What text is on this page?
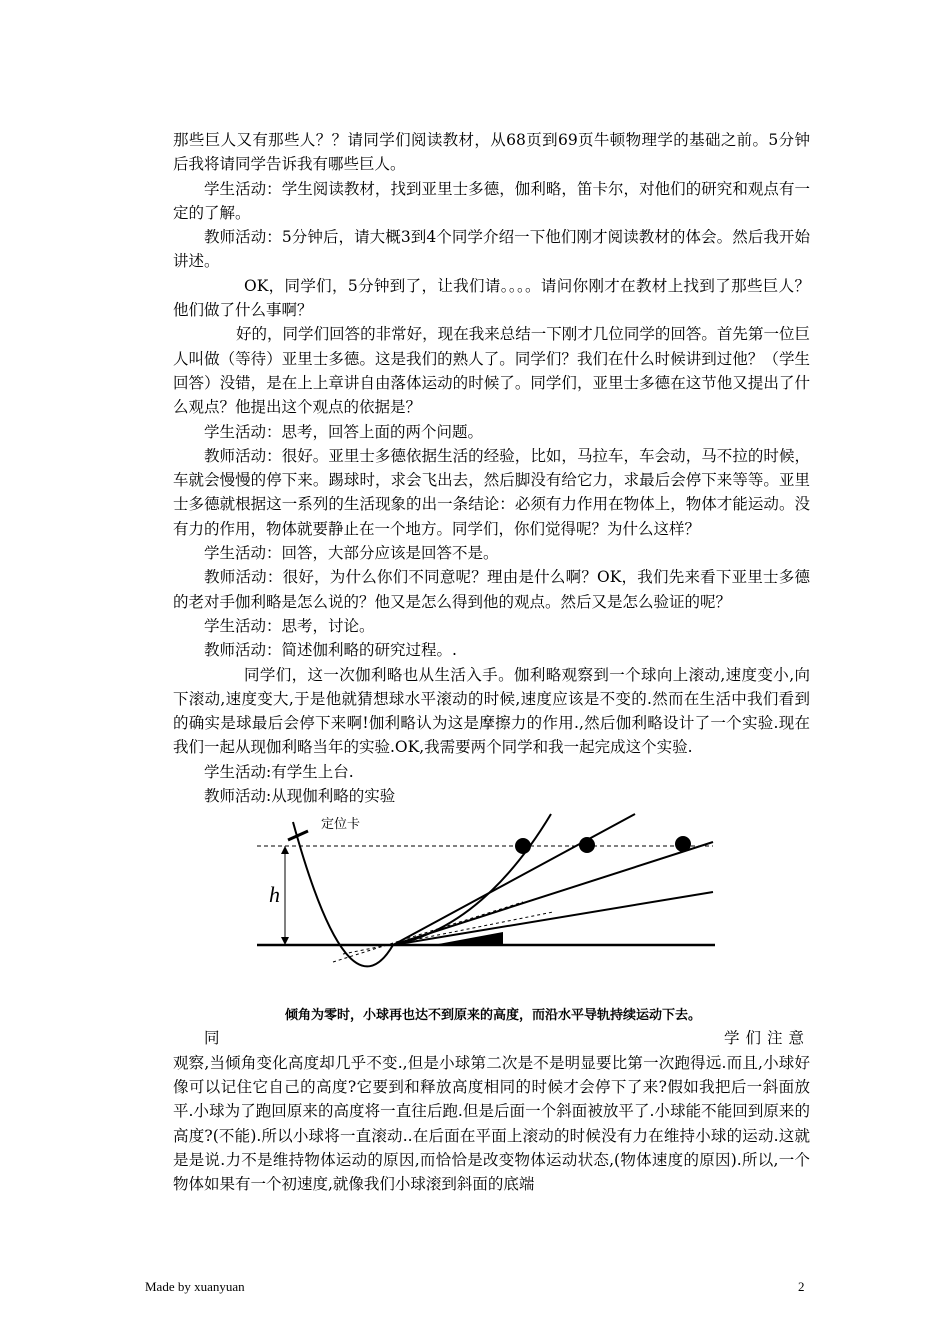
那些巨人又有那些人？？请同学们阅读教材，从68页到69页牛顿物理学的基础之前。5分钟后我将请同学告诉我有哪些巨人。

学生活动：学生阅读教材，找到亚里士多德，伽利略，笛卡尔，对他们的研究和观点有一定的了解。

教师活动：5分钟后，请大概3到4个同学介绍一下他们刚才阅读教材的体会。然后我开始讲述。

OK，同学们，5分钟到了，让我们请。。。。请问你刚才在教材上找到了那些巨人？他们做了什么事啊？

好的，同学们回答的非常好，现在我来总结一下刚才几位同学的回答。首先第一位巨人叫做（等待）亚里士多德。这是我们的熟人了。同学们？我们在什么时候讲到过他？（学生回答）没错，是在上上章讲自由落体运动的时候了。同学们，亚里士多德在这节他又提出了什么观点？他提出这个观点的依据是？

学生活动：思考，回答上面的两个问题。

教师活动：很好。亚里士多德依据生活的经验，比如，马拉车，车会动，马不拉的时候，车就会慢慢的停下来。踢球时，求会飞出去，然后脚没有给它力，求最后会停下来等等。亚里士多德就根据这一系列的生活现象的出一条结论：必须有力作用在物体上，物体才能运动。没有力的作用，物体就要静止在一个地方。同学们，你们觉得呢？为什么这样？

学生活动：回答，大部分应该是回答不是。

教师活动：很好，为什么你们不同意呢？理由是什么啊？OK，我们先来看下亚里士多德的老对手伽利略是怎么说的？他又是怎么得到他的观点。然后又是怎么验证的呢？

学生活动：思考，讨论。

教师活动：简述伽利略的研究过程。.

同学们，这一次伽利略也从生活入手。伽利略观察到一个球向上滚动,速度变小,向下滚动,速度变大,于是他就猜想球水平滚动的时候,速度应该是不变的.然而在生活中我们看到的确实是球最后会停下来啊!伽利略认为这是摩擦力的作用.,然后伽利略设计了一个实验.现在我们一起从现伽利略当年的实验.OK,我需要两个同学和我一起完成这个实验.

学生活动:有学生上台.

教师活动:从现伽利略的实验

h
定位卡
倾角为零时，小球再也达不到原来的高度，而沿水平导轨持续运动下去。
同	学们注意

观察,当倾角变化高度却几乎不变.,但是小球第二次是不是明显要比第一次跑得远.而且,小球好像可以记住它自己的高度?它要到和释放高度相同的时候才会停下了来?假如我把后一斜面放平.小球为了跑回原来的高度将一直往后跑.但是后面一个斜面被放平了.小球能不能回到原来的高度?(不能).所以小球将一直滚动..在后面在平面上滚动的时候没有力在维持小球的运动.这就是是说.力不是维持物体运动的原因,而恰恰是改变物体运动状态,(物体速度的原因).所以,一个物体如果有一个初速度,就像我们小球滚到斜面的底端

Made by xuanyuan	2
